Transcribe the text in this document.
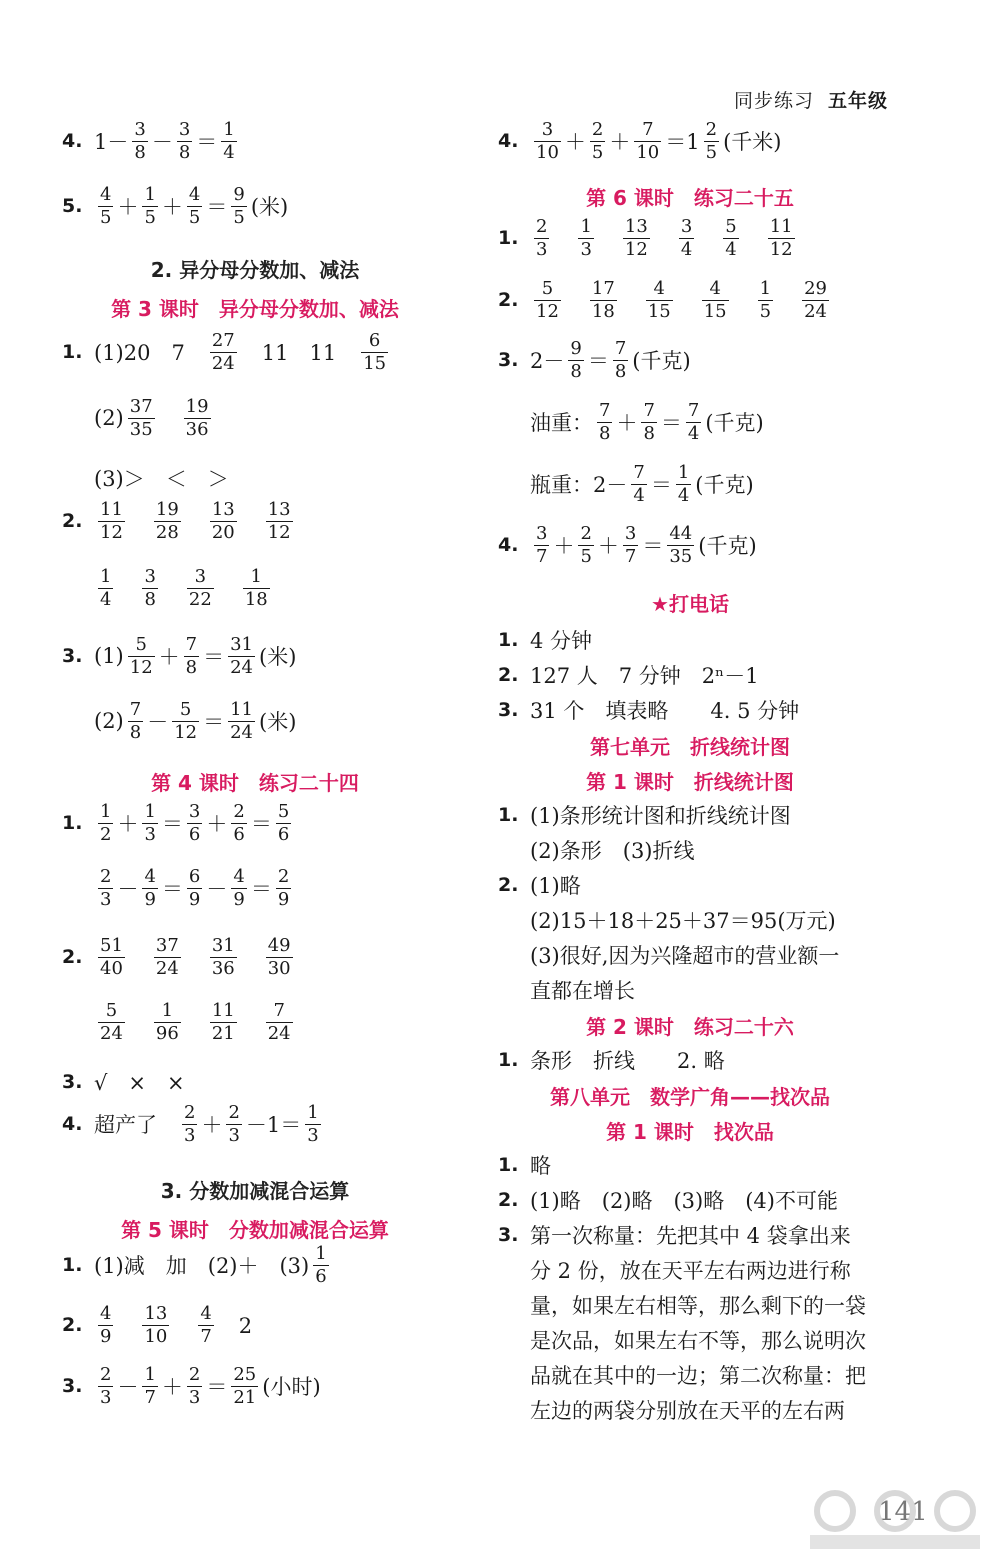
同步练习 五年级
4. $1- \frac{3}{8} - \frac{3}{8} = \frac{1}{4}$
5. $\frac{4}{5} + \frac{1}{5} + \frac{4}{5} = \frac{9}{5}$ (米)
2. 异分母分数加、减法
第 3 课时　异分母分数加、减法
1. (1)20　7　 $\frac{27}{24}$ 　11　11　 $\frac{6}{15}$
$(2) \frac{37}{35}$
　 $\frac{19}{36}$
(3)＞　＜　＞
2. $\frac{11}{12}$
　 $\frac{19}{28}$
　 $\frac{13}{20}$
　 $\frac{13}{12}$
$\frac{1}{4}$
　 $\frac{3}{8}$
　 $\frac{3}{22}$
　 $\frac{1}{18}$
3. $(1) \frac{5}{12} + \frac{7}{8} = \frac{31}{24}$ (米)
$(2) \frac{7}{8} - \frac{5}{12} = \frac{11}{24}$ (米)
第 4 课时　练习二十四
1. $\frac{1}{2} + \frac{1}{3} = \frac{3}{6} + \frac{2}{6} = \frac{5}{6}$
$\frac{2}{3} - \frac{4}{9} = \frac{6}{9} - \frac{4}{9} = \frac{2}{9}$
2. $\frac{51}{40}$
　 $\frac{37}{24}$
　 $\frac{31}{36}$
　 $\frac{49}{30}$
$\frac{5}{24}$
　 $\frac{1}{96}$
　 $\frac{11}{21}$
　 $\frac{7}{24}$
3. √　×　×
4. 超产了　 $\frac{2}{3} + \frac{2}{3} -1= \frac{1}{3}$
3. 分数加减混合运算
第 5 课时　分数加减混合运算
1. (1)减　加　(2)＋　$(3) \frac{1}{6}$
2. $\frac{4}{9}$
　 $\frac{13}{10}$
　 $\frac{4}{7}$ 　2
3. $\frac{2}{3} - \frac{1}{7} + \frac{2}{3} = \frac{25}{21}$ (小时)
4. $\frac{3}{10} + \frac{2}{5} + \frac{7}{10} =1 \frac{2}{5}$ (千米)
第 6 课时　练习二十五
1. $\frac{2}{3}$
　 $\frac{1}{3}$
　 $\frac{13}{12}$
　 $\frac{3}{4}$
　 $\frac{5}{4}$
　 $\frac{11}{12}$
2. $\frac{5}{12}$
　 $\frac{17}{18}$
　 $\frac{4}{15}$
　 $\frac{4}{15}$
　 $\frac{1}{5}$
　 $\frac{29}{24}$
3. $2- \frac{9}{8} = \frac{7}{8}$ (千克)
油重： $\frac{7}{8} + \frac{7}{8} = \frac{7}{4}$ (千克)
瓶重：$2- \frac{7}{4} = \frac{1}{4}$ (千克)
4. $\frac{3}{7} + \frac{2}{5} + \frac{3}{7} = \frac{44}{35}$ (千克)
★打电话
1. 4 分钟
2. 127 人　7 分钟　2ⁿ－1
3. 31 个　填表略　　4. 5 分钟
第七单元　折线统计图
第 1 课时　折线统计图
1. (1)条形统计图和折线统计图
(2)条形　(3)折线
2. (1)略
(2)15＋18＋25＋37＝95(万元)
(3)很好,因为兴隆超市的营业额一
直都在增长
第 2 课时　练习二十六
1. 条形　折线　　2. 略
第八单元　数学广角——找次品
第 1 课时　找次品
1. 略
2. (1)略　(2)略　(3)略　(4)不可能
3. 第一次称量：先把其中 4 袋拿出来
分 2 份，放在天平左右两边进行称
量，如果左右相等，那么剩下的一袋
是次品，如果左右不等，那么说明次
品就在其中的一边；第二次称量：把
左边的两袋分别放在天平的左右两
141
